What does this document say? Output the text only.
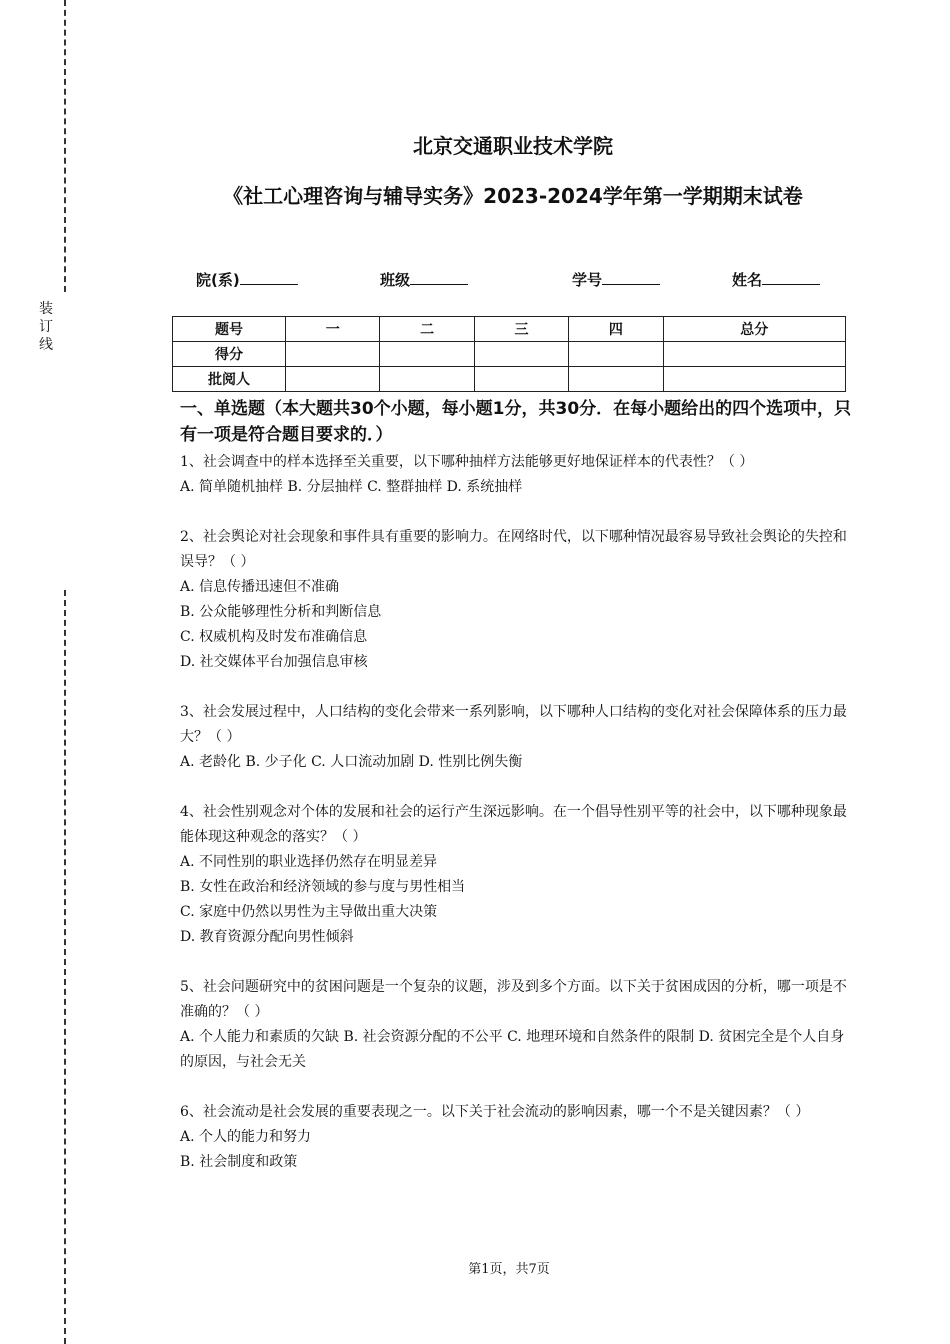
装订线
北京交通职业技术学院
《社工心理咨询与辅导实务》2023-2024学年第一学期期末试卷
院(系)	班级	学号	姓名
题号	一	二	三	四	总分
得分					
批阅人					

一、单选题（本大题共30个小题，每小题1分，共30分．在每小题给出的四个选项中，只有一项是符合题目要求的．）

1、社会调查中的样本选择至关重要，以下哪种抽样方法能够更好地保证样本的代表性？（ ）

A. 简单随机抽样 B. 分层抽样 C. 整群抽样 D. 系统抽样

2、社会舆论对社会现象和事件具有重要的影响力。在网络时代，以下哪种情况最容易导致社会舆论的失控和误导？（ ）

A. 信息传播迅速但不准确

B. 公众能够理性分析和判断信息

C. 权威机构及时发布准确信息

D. 社交媒体平台加强信息审核

3、社会发展过程中，人口结构的变化会带来一系列影响，以下哪种人口结构的变化对社会保障体系的压力最大？（ ）

A. 老龄化 B. 少子化 C. 人口流动加剧 D. 性别比例失衡

4、社会性别观念对个体的发展和社会的运行产生深远影响。在一个倡导性别平等的社会中，以下哪种现象最能体现这种观念的落实？（ ）

A. 不同性别的职业选择仍然存在明显差异

B. 女性在政治和经济领域的参与度与男性相当

C. 家庭中仍然以男性为主导做出重大决策

D. 教育资源分配向男性倾斜

5、社会问题研究中的贫困问题是一个复杂的议题，涉及到多个方面。以下关于贫困成因的分析，哪一项是不准确的？（ ）

A. 个人能力和素质的欠缺 B. 社会资源分配的不公平 C. 地理环境和自然条件的限制 D. 贫困完全是个人自身的原因，与社会无关

6、社会流动是社会发展的重要表现之一。以下关于社会流动的影响因素，哪一个不是关键因素？（ ）

A. 个人的能力和努力

B. 社会制度和政策

第1页，共7页
